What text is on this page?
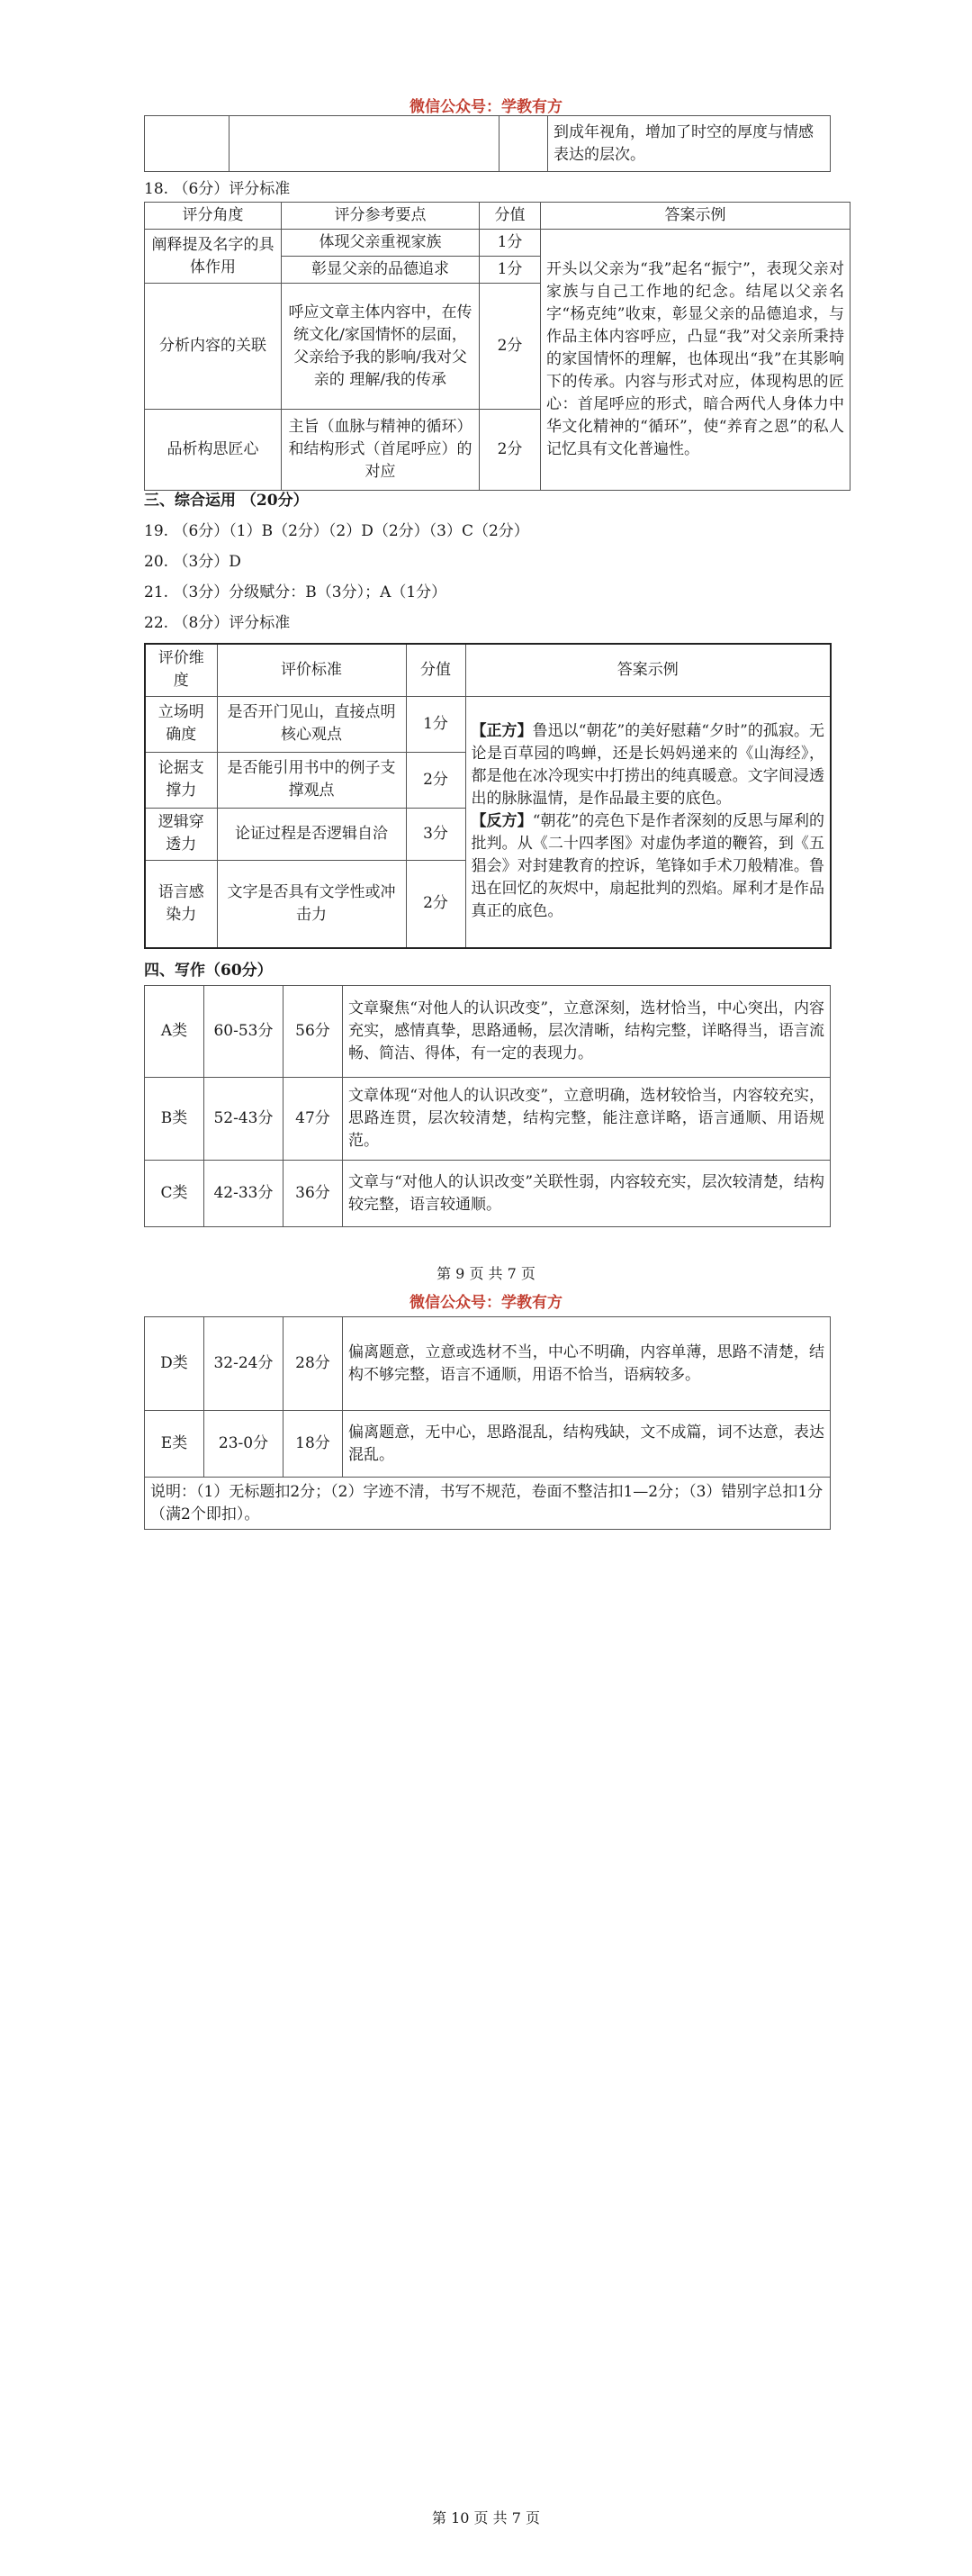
微信公众号：学教有方
			到成年视角，增加了时空的厚度与情感表达的层次。
18. （6分）评分标准
评分角度	评分参考要点	分值	答案示例
阐释提及名字的具体作用	体现父亲重视家族	1分	开头以父亲为“我”起名“振宁”，表现父亲对家族与自己工作地的纪念。结尾以父亲名字“杨克纯”收束，彰显父亲的品德追求，与作品主体内容呼应，凸显“我”对父亲所秉持的家国情怀的理解，也体现出“我”在其影响下的传承。内容与形式对应，体现构思的匠心：首尾呼应的形式，暗合两代人身体力中华文化精神的“循环”，使“养育之恩”的私人记忆具有文化普遍性。
	彰显父亲的品德追求	1分	
分析内容的关联	呼应文章主体内容中，在传统文化/家国情怀的层面，父亲给予我的影响/我对父亲的 理解/我的传承	2分	
品析构思匠心	主旨（血脉与精神的循环）和结构形式（首尾呼应）的对应	2分	
三、综合运用 （20分）
19. （6分）（1）B（2分）（2）D（2分）（3）C（2分）
20. （3分）D
21. （3分）分级赋分：B（3分）；A（1分）
22. （8分）评分标准
评价维度	评价标准	分值	答案示例
立场明确度	是否开门见山，直接点明核心观点	1分	【正方】鲁迅以“朝花”的美好慰藉“夕时”的孤寂。无论是百草园的鸣蝉，还是长妈妈递来的《山海经》，都是他在冰冷现实中打捞出的纯真暖意。文字间浸透出的脉脉温情，是作品最主要的底色。
【反方】“朝花”的亮色下是作者深刻的反思与犀利的批判。从《二十四孝图》对虚伪孝道的鞭笞，到《五猖会》对封建教育的控诉，笔锋如手术刀般精准。鲁迅在回忆的灰烬中，扇起批判的烈焰。犀利才是作品真正的底色。

论据支撑力	是否能引用书中的例子支撑观点	2分	
逻辑穿透力	论证过程是否逻辑自洽	3分	
语言感染力	文字是否具有文学性或冲击力	2分	
四、写作（60分）
A类	60-53分	56分	文章聚焦“对他人的认识改变”，立意深刻，选材恰当，中心突出，内容充实，感情真挚，思路通畅，层次清晰，结构完整，详略得当，语言流畅、简洁、得体，有一定的表现力。
B类	52-43分	47分	文章体现“对他人的认识改变”，立意明确，选材较恰当，内容较充实，思路连贯，层次较清楚，结构完整，能注意详略，语言通顺、用语规范。
C类	42-33分	36分	文章与“对他人的认识改变”关联性弱，内容较充实，层次较清楚，结构较完整，语言较通顺。
第 9 页 共 7 页
微信公众号：学教有方
D类	32-24分	28分	偏离题意，立意或选材不当，中心不明确，内容单薄，思路不清楚，结构不够完整，语言不通顺，用语不恰当，语病较多。
E类	23-0分	18分	偏离题意，无中心，思路混乱，结构残缺，文不成篇，词不达意，表达混乱。
说明：（1）无标题扣2分；（2）字迹不清，书写不规范，卷面不整洁扣1—2分；（3）错别字总扣1分（满2个即扣）。			
第 10 页 共 7 页
